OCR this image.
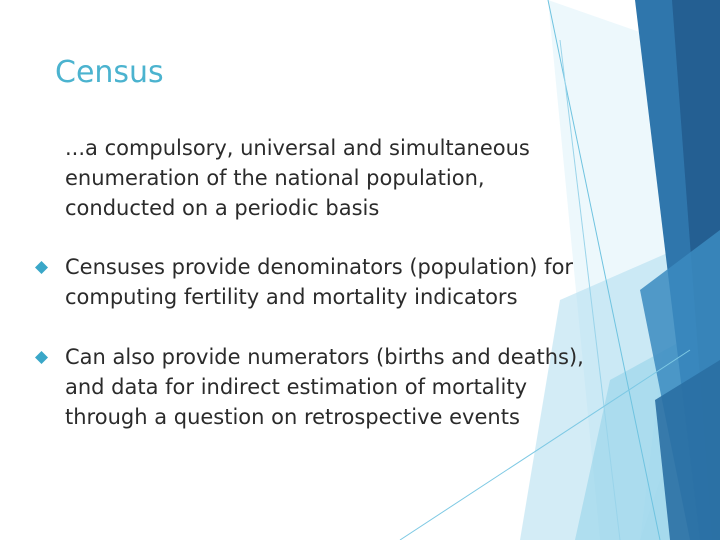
Census

...a compulsory, universal and simultaneous enumeration of the national population, conducted on a periodic basis

Censuses provide denominators (population) for computing fertility and mortality indicators
Can also provide numerators (births and deaths), and data for indirect estimation of mortality through a question on retrospective events
